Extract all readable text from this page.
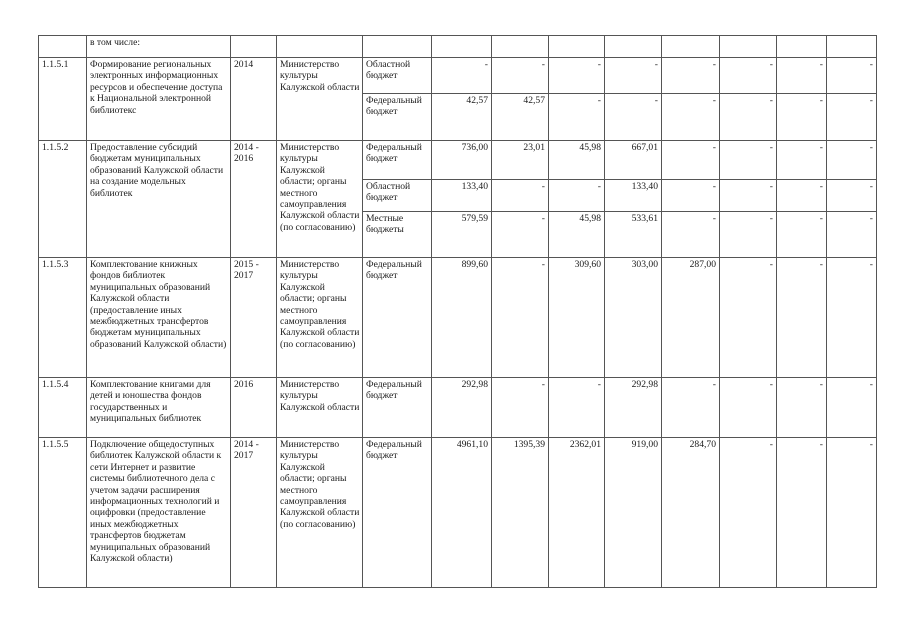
	в том числе:											
1.1.5.1	Формирование региональных электронных информационных ресурсов и обеспечение доступа к Национальной электронной библиотекс	2014	Министерство культуры Калужской области	Областной бюджет	-	-	-	-	-	-	-	-
				Федеральный бюджет	42,57	42,57	-	-	-	-	-	-
1.1.5.2	Предоставление субсидий бюджетам муниципальных образований Калужской области на создание модельных библиотек	2014 - 2016	Министерство культуры Калужской области; органы местного самоуправления Калужской области (по согласованию)	Федеральный бюджет	736,00	23,01	45,98	667,01	-	-	-	-
				Областной бюджет	133,40	-	-	133,40	-	-	-	-
				Местные бюджеты	579,59	-	45,98	533,61	-	-	-	-
1.1.5.3	Комплектование книжных фондов библиотек муниципальных образований Калужской области (предоставление иных межбюджетных трансфертов бюджетам муниципальных образований Калужской области)	2015 - 2017	Министерство культуры Калужской области; органы местного самоуправления Калужской области (по согласованию)	Федеральный бюджет	899,60	-	309,60	303,00	287,00	-	-	-
1.1.5.4	Комплектование книгами для детей и юношества фондов государственных и муниципальных библиотек	2016	Министерство культуры Калужской области	Федеральный бюджет	292,98	-	-	292,98	-	-	-	-
1.1.5.5	Подключение общедоступных библиотек Калужской области к сети Интернет и развитие системы библиотечного дела с учетом задачи расширения информационных технологий и оцифровки (предоставление иных межбюджетных трансфертов бюджетам муниципальных образований Калужской области)	2014 - 2017	Министерство культуры Калужской области; органы местного самоуправления Калужской области (по согласованию)	Федеральный бюджет	4961,10	1395,39	2362,01	919,00	284,70	-	-	-
